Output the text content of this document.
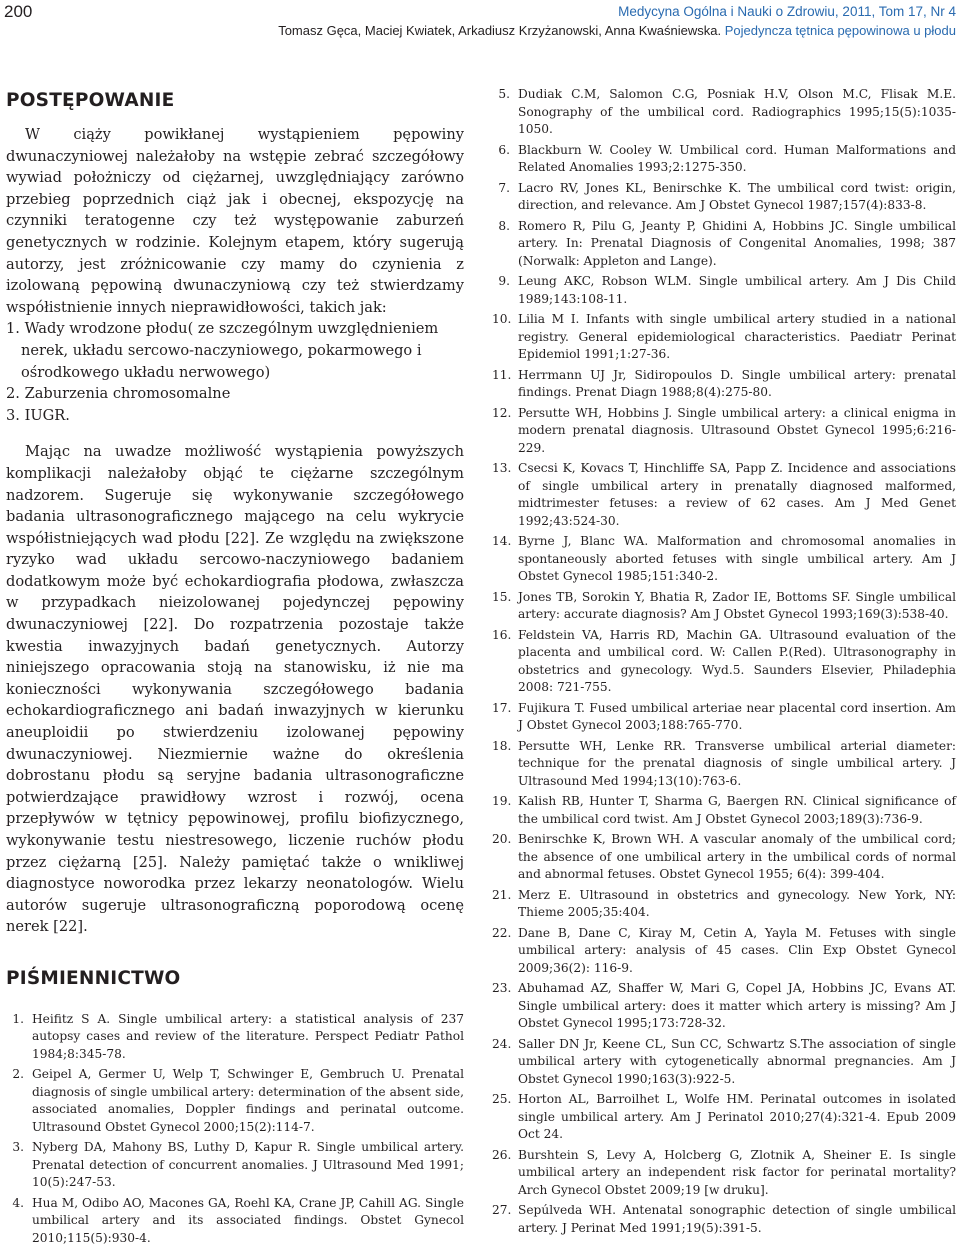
200	Medycyna Ogólna i Nauki o Zdrowiu, 2011, Tom 17, Nr 4
Tomasz Gęca, Maciej Kwiatek, Arkadiusz Krzyżanowski, Anna Kwaśniewska. Pojedyncza tętnica pępowinowa u płodu
POSTĘPOWANIE

W ciąży powikłanej wystąpieniem pępowiny dwunaczyniowej należałoby na wstępie zebrać szczegółowy wywiad położniczy od ciężarnej, uwzględniający zarówno przebieg poprzednich ciąż jak i obecnej, ekspozycję na czynniki teratogenne czy też występowanie zaburzeń genetycznych w rodzinie. Kolejnym etapem, który sugerują autorzy, jest zróżnicowanie czy mamy do czynienia z izolowaną pępowiną dwunaczyniową czy też stwierdzamy współistnienie innych nieprawidłowości, takich jak:

1. Wady wrodzone płodu( ze szczególnym uwzględnieniem nerek, układu sercowo-naczyniowego, pokarmowego i ośrodkowego układu nerwowego)

2. Zaburzenia chromosomalne

3. IUGR.

Mając na uwadze możliwość wystąpienia powyższych komplikacji należałoby objąć te ciężarne szczególnym nadzorem. Sugeruje się wykonywanie szczegółowego badania ultrasonograficznego mającego na celu wykrycie współistniejących wad płodu [22]. Ze względu na zwiększone ryzyko wad układu sercowo-naczyniowego badaniem dodatkowym może być echokardiografia płodowa, zwłaszcza w przypadkach nieizolowanej pojedynczej pępowiny dwunaczyniowej [22]. Do rozpatrzenia pozostaje także kwestia inwazyjnych badań genetycznych. Autorzy niniejszego opracowania stoją na stanowisku, iż nie ma konieczności wykonywania szczegółowego badania echokardiograficznego ani badań inwazyjnych w kierunku aneuploidii po stwierdzeniu izolowanej pępowiny dwunaczyniowej. Niezmiernie ważne do określenia dobrostanu płodu są seryjne badania ultrasonograficzne potwierdzające prawidłowy wzrost i rozwój, ocena przepływów w tętnicy pępowinowej, profilu biofizycznego, wykonywanie testu niestresowego, liczenie ruchów płodu przez ciężarną [25]. Należy pamiętać także o wnikliwej diagnostyce noworodka przez lekarzy neonatologów. Wielu autorów sugeruje ultrasonograficzną poporodową ocenę nerek [22].

PIŚMIENNICTWO
1. Heifitz S A. Single umbilical artery: a statistical analysis of 237 autopsy cases and review of the literature. Perspect Pediatr Pathol 1984;8:345-78.
2. Geipel A, Germer U, Welp T, Schwinger E, Gembruch U. Prenatal diagnosis of single umbilical artery: determination of the absent side, associated anomalies, Doppler findings and perinatal outcome. Ultrasound Obstet Gynecol 2000;15(2):114-7.
3. Nyberg DA, Mahony BS, Luthy D, Kapur R. Single umbilical artery. Prenatal detection of concurrent anomalies. J Ultrasound Med 1991; 10(5):247-53.
4. Hua M, Odibo AO, Macones GA, Roehl KA, Crane JP, Cahill AG. Single umbilical artery and its associated findings. Obstet Gynecol 2010;115(5):930-4.
5. Dudiak C.M, Salomon C.G, Posniak H.V, Olson M.C, Flisak M.E. Sonography of the umbilical cord. Radiographics 1995;15(5):1035-1050.
6. Blackburn W. Cooley W. Umbilical cord. Human Malformations and Related Anomalies 1993;2:1275-350.
7. Lacro RV, Jones KL, Benirschke K. The umbilical cord twist: origin, direction, and relevance. Am J Obstet Gynecol 1987;157(4):833-8.
8. Romero R, Pilu G, Jeanty P, Ghidini A, Hobbins JC. Single umbilical artery. In: Prenatal Diagnosis of Congenital Anomalies, 1998; 387 (Norwalk: Appleton and Lange).
9. Leung AKC, Robson WLM. Single umbilical artery. Am J Dis Child 1989;143:108-11.
10. Lilia M I. Infants with single umbilical artery studied in a national registry. General epidemiological characteristics. Paediatr Perinat Epidemiol 1991;1:27-36.
11. Herrmann UJ Jr, Sidiropoulos D. Single umbilical artery: prenatal findings. Prenat Diagn 1988;8(4):275-80.
12. Persutte WH, Hobbins J. Single umbilical artery: a clinical enigma in modern prenatal diagnosis. Ultrasound Obstet Gynecol 1995;6:216-229.
13. Csecsi K, Kovacs T, Hinchliffe SA, Papp Z. Incidence and associations of single umbilical artery in prenatally diagnosed malformed, midtrimester fetuses: a review of 62 cases. Am J Med Genet 1992;43:524-30.
14. Byrne J, Blanc WA. Malformation and chromosomal anomalies in spontaneously aborted fetuses with single umbilical artery. Am J Obstet Gynecol 1985;151:340-2.
15. Jones TB, Sorokin Y, Bhatia R, Zador IE, Bottoms SF. Single umbilical artery: accurate diagnosis? Am J Obstet Gynecol 1993;169(3):538-40.
16. Feldstein VA, Harris RD, Machin GA. Ultrasound evaluation of the placenta and umbilical cord. W: Callen P.(Red). Ultrasonography in obstetrics and gynecology. Wyd.5. Saunders Elsevier, Philadephia 2008: 721-755.
17. Fujikura T. Fused umbilical arteriae near placental cord insertion. Am J Obstet Gynecol 2003;188:765-770.
18. Persutte WH, Lenke RR. Transverse umbilical arterial diameter: technique for the prenatal diagnosis of single umbilical artery. J Ultrasound Med 1994;13(10):763-6.
19. Kalish RB, Hunter T, Sharma G, Baergen RN. Clinical significance of the umbilical cord twist. Am J Obstet Gynecol 2003;189(3):736-9.
20. Benirschke K, Brown WH. A vascular anomaly of the umbilical cord; the absence of one umbilical artery in the umbilical cords of normal and abnormal fetuses. Obstet Gynecol 1955; 6(4): 399-404.
21. Merz E. Ultrasound in obstetrics and gynecology. New York, NY: Thieme 2005;35:404.
22. Dane B, Dane C, Kiray M, Cetin A, Yayla M. Fetuses with single umbilical artery: analysis of 45 cases. Clin Exp Obstet Gynecol 2009;36(2): 116-9.
23. Abuhamad AZ, Shaffer W, Mari G, Copel JA, Hobbins JC, Evans AT. Single umbilical artery: does it matter which artery is missing? Am J Obstet Gynecol 1995;173:728-32.
24. Saller DN Jr, Keene CL, Sun CC, Schwartz S.The association of single umbilical artery with cytogenetically abnormal pregnancies. Am J Obstet Gynecol 1990;163(3):922-5.
25. Horton AL, Barroilhet L, Wolfe HM. Perinatal outcomes in isolated single umbilical artery. Am J Perinatol 2010;27(4):321-4. Epub 2009 Oct 24.
26. Burshtein S, Levy A, Holcberg G, Zlotnik A, Sheiner E. Is single umbilical artery an independent risk factor for perinatal mortality? Arch Gynecol Obstet 2009;19 [w druku].
27. Sepúlveda WH. Antenatal sonographic detection of single umbilical artery. J Perinat Med 1991;19(5):391-5.
